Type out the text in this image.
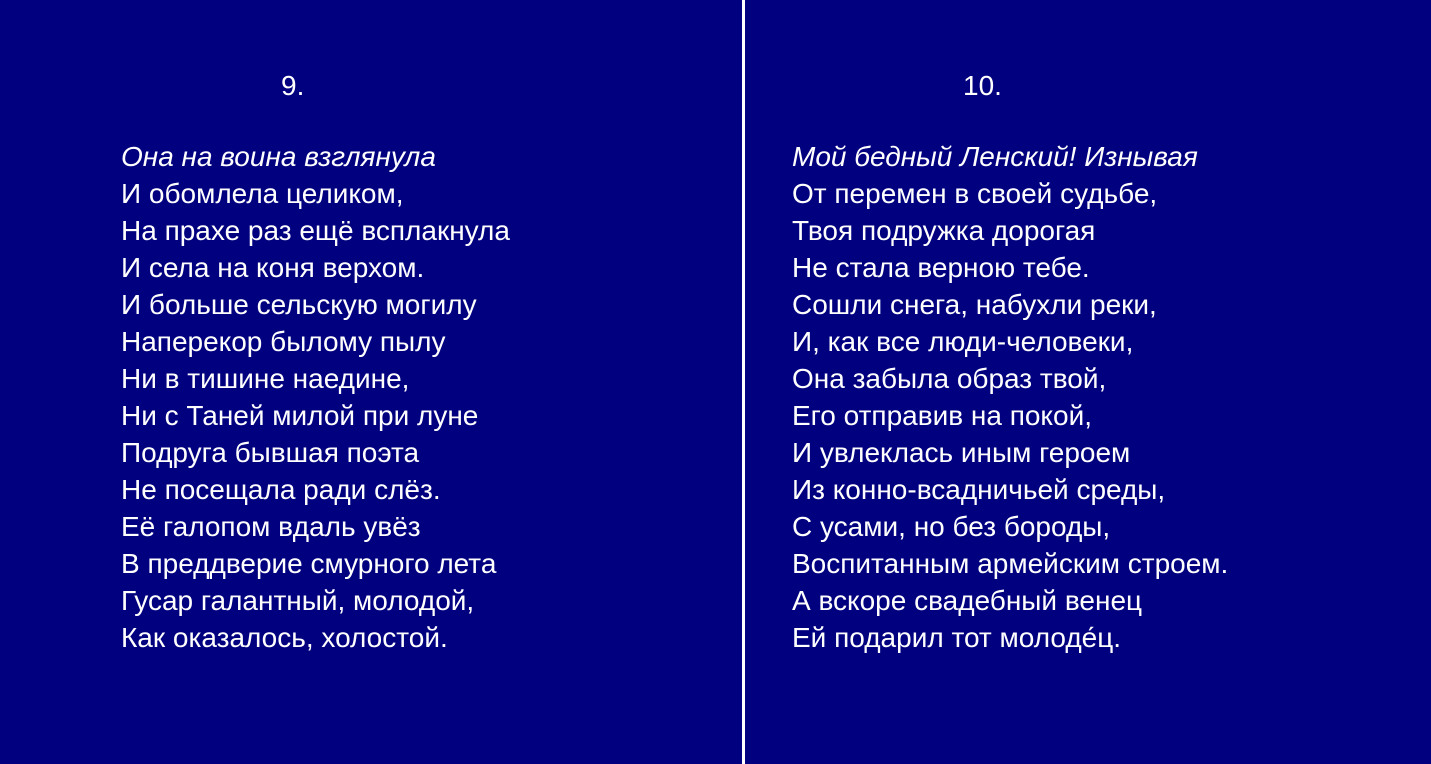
9.
Она на воина взглянула
И обомлела целиком,
На прахе раз ещё всплакнула
И села на коня верхом.
И больше сельскую могилу
Наперекор былому пылу
Ни в тишине наедине,
Ни с Таней милой при луне
Подруга бывшая поэта
Не посещала ради слёз.
Её галопом вдаль увёз
В преддверие смурного лета
Гусар галантный, молодой,
Как оказалось, холостой.
10.
Мой бедный Ленский! Изнывая
От перемен в своей судьбе,
Твоя подружка дорогая
Не стала верною тебе.
Сошли снега, набухли реки,
И, как все люди-человеки,
Она забыла образ твой,
Его отправив на покой,
И увлеклась иным героем
Из конно-всадничьей среды,
С усами, но без бороды,
Воспитанным армейским строем.
А вскоре свадебный венец
Ей подарил тот молоде́ц.
